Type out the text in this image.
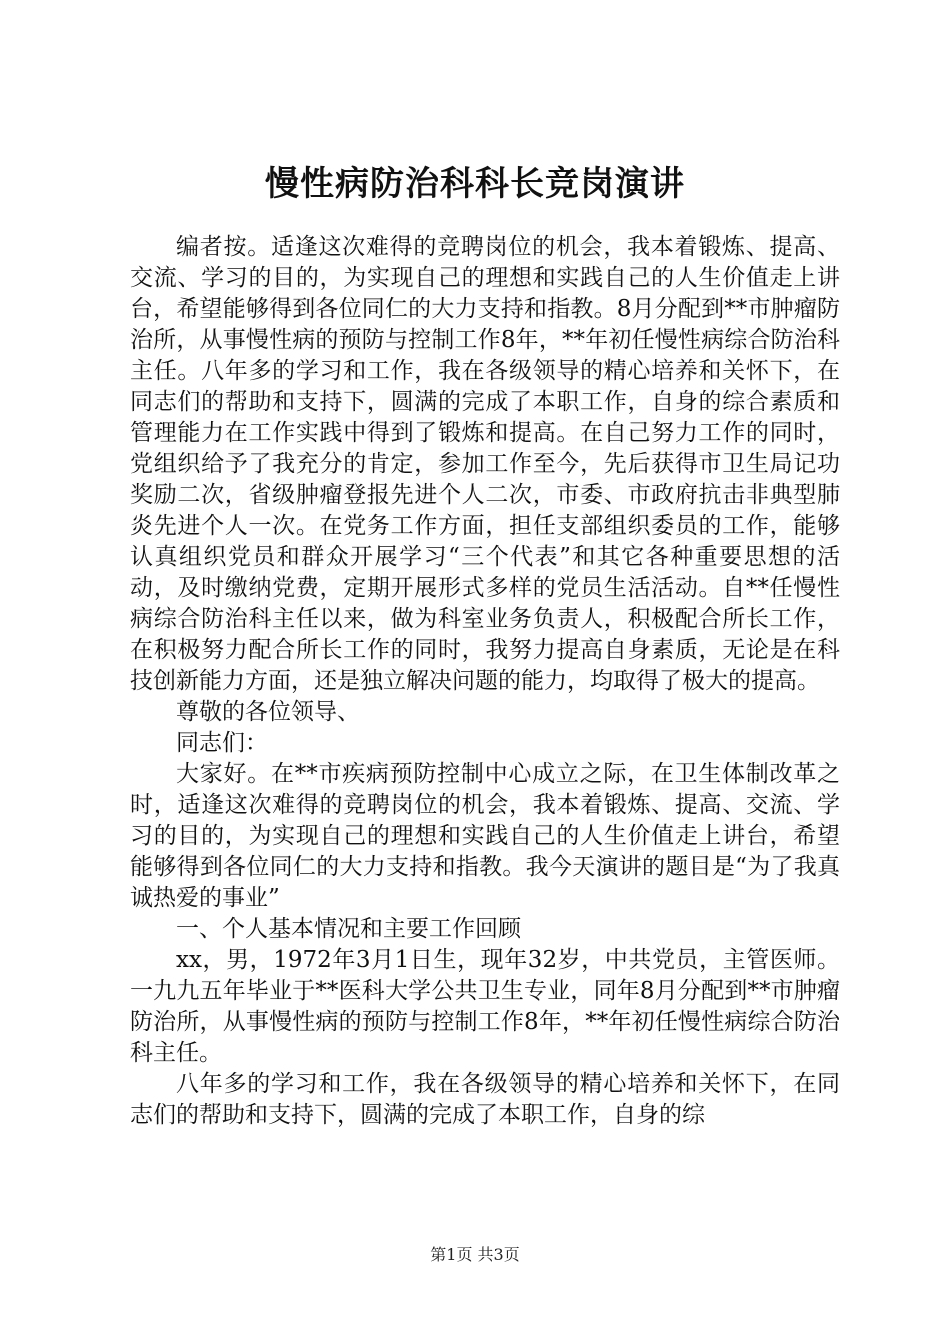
慢性病防治科科长竞岗演讲

编者按。适逢这次难得的竞聘岗位的机会，我本着锻炼、提高、交流、学习的目的，为实现自己的理想和实践自己的人生价值走上讲台，希望能够得到各位同仁的大力支持和指教。8月分配到**市肿瘤防治所，从事慢性病的预防与控制工作8年，**年初任慢性病综合防治科主任。八年多的学习和工作，我在各级领导的精心培养和关怀下，在同志们的帮助和支持下，圆满的完成了本职工作，自身的综合素质和管理能力在工作实践中得到了锻炼和提高。在自己努力工作的同时，党组织给予了我充分的肯定，参加工作至今，先后获得市卫生局记功奖励二次，省级肿瘤登报先进个人二次，市委、市政府抗击非典型肺炎先进个人一次。在党务工作方面，担任支部组织委员的工作，能够认真组织党员和群众开展学习“三个代表”和其它各种重要思想的活动，及时缴纳党费，定期开展形式多样的党员生活活动。自**任慢性病综合防治科主任以来，做为科室业务负责人，积极配合所长工作，在积极努力配合所长工作的同时，我努力提高自身素质，无论是在科技创新能力方面，还是独立解决问题的能力，均取得了极大的提高。

尊敬的各位领导、

同志们：

大家好。在**市疾病预防控制中心成立之际，在卫生体制改革之时，适逢这次难得的竞聘岗位的机会，我本着锻炼、提高、交流、学习的目的，为实现自己的理想和实践自己的人生价值走上讲台，希望能够得到各位同仁的大力支持和指教。我今天演讲的题目是“为了我真诚热爱的事业”

一、个人基本情况和主要工作回顾

xx，男，1972年3月1日生，现年32岁，中共党员，主管医师。一九九五年毕业于**医科大学公共卫生专业，同年8月分配到**市肿瘤防治所，从事慢性病的预防与控制工作8年，**年初任慢性病综合防治科主任。

八年多的学习和工作，我在各级领导的精心培养和关怀下，在同志们的帮助和支持下，圆满的完成了本职工作，自身的综

第1页 共3页
